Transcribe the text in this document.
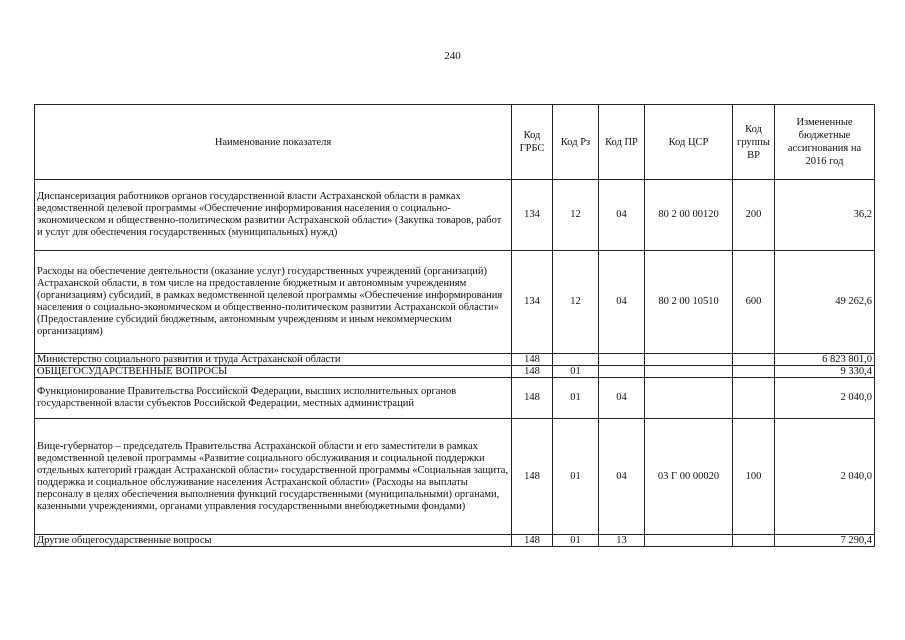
240
Наименование показателя	Код ГРБС	Код Рз	Код ПР	Код ЦСР	Код группы ВР	Измененные бюджетные ассигнования на 2016 год
Диспансеризация работников органов государственной власти Астраханской области в рамках ведомственной целевой программы «Обеспечение информирования населения о социально-экономическом и общественно-политическом развитии Астраханской области» (Закупка товаров, работ и услуг для обеспечения государственных (муниципальных) нужд)	134	12	04	80 2 00 00120	200	36,2
Расходы на обеспечение деятельности (оказание услуг) государственных учреждений (организаций) Астраханской области, в том числе на предоставление бюджетным и автономным учреждениям (организациям) субсидий, в рамках ведомственной целевой программы «Обеспечение информирования населения о социально-экономическом и общественно-политическом развитии Астраханской области» (Предоставление субсидий бюджетным, автономным учреждениям и иным некоммерческим организациям)	134	12	04	80 2 00 10510	600	49 262,6
Министерство социального развития и труда Астраханской области	148					6 823 801,0
ОБЩЕГОСУДАРСТВЕННЫЕ ВОПРОСЫ	148	01				9 330,4
Функционирование Правительства Российской Федерации, высших исполнительных органов государственной власти субъектов Российской Федерации, местных администраций	148	01	04			2 040,0
Вице-губернатор – председатель Правительства Астраханской области и его заместители в рамках ведомственной целевой программы «Развитие социального обслуживания и социальной поддержки отдельных категорий граждан Астраханской области» государственной программы «Социальная защита, поддержка и социальное обслуживание населения Астраханской области» (Расходы на выплаты персоналу в целях обеспечения выполнения функций государственными (муниципальными) органами, казенными учреждениями, органами управления государственными внебюджетными фондами)	148	01	04	03 Г 00 00020	100	2 040,0
Другие общегосударственные вопросы	148	01	13			7 290,4
